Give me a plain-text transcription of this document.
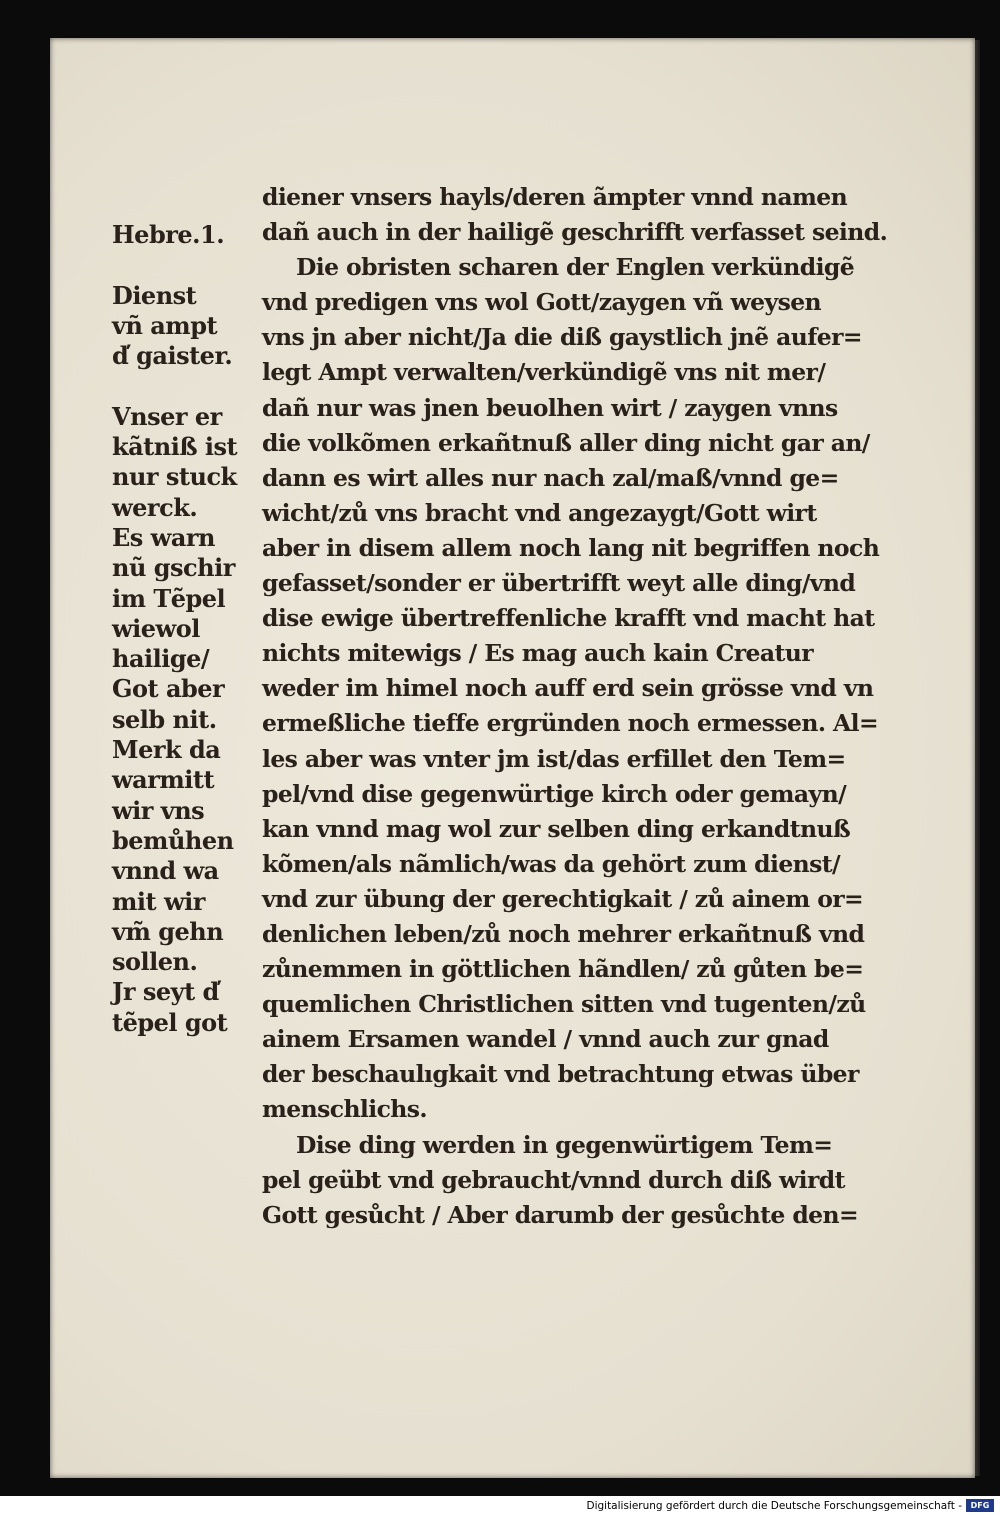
Hebre.1.

Dienst
vñ ampt
d̕ gaister.

Vnser er
kãtniß ist
nur stuck
werck.
Es warn
nũ gschir
im Tẽpel
wiewol
hailige/
Got aber
selb nit.
Merk da
warmitt
wir vns
bemůhen
vnnd wa
mit wir
vm̃ gehn
sollen.
Jr seyt d̕
tẽpel got
diener vnsers hayls/deren ãmpter vnnd namen
dañ auch in der hailigẽ geschrifft verfasset seind.
Die obristen scharen der Englen verkündigẽ
vnd predigen vns wol Gott/zaygen vñ weysen
vns jn aber nicht/Ja die diß gaystlich jnẽ aufer=
legt Ampt verwalten/verkündigẽ vns nit mer/
dañ nur was jnen beuolhen wirt / zaygen vnns
die volkõmen erkañtnuß aller ding nicht gar an/
dann es wirt alles nur nach zal/maß/vnnd ge=
wicht/zů vns bracht vnd angezaygt/Gott wirt
aber in disem allem noch lang nit begriffen noch
gefasset/sonder er übertrifft weyt alle ding/vnd
dise ewige übertreffenliche krafft vnd macht hat
nichts mitewigs / Es mag auch kain Creatur
weder im himel noch auff erd sein grösse vnd vn
ermeßliche tieffe ergründen noch ermessen. Al=
les aber was vnter jm ist/das erfillet den Tem=
pel/vnd dise gegenwürtige kirch oder gemayn/
kan vnnd mag wol zur selben ding erkandtnuß
kõmen/als nãmlich/was da gehört zum dienst/
vnd zur übung der gerechtigkait / zů ainem or=
denlichen leben/zů noch mehrer erkañtnuß vnd
zůnemmen in göttlichen hãndlen/ zů gůten be=
quemlichen Christlichen sitten vnd tugenten/zů
ainem Ersamen wandel / vnnd auch zur gnad
der beschaulıgkait vnd betrachtung etwas über
menschlichs.
Dise ding werden in gegenwürtigem Tem=
pel geübt vnd gebraucht/vnnd durch diß wirdt
Gott gesůcht / Aber darumb der gesůchte den=
Digitalisierung gefördert durch die Deutsche Forschungsgemeinschaft -	DFG
